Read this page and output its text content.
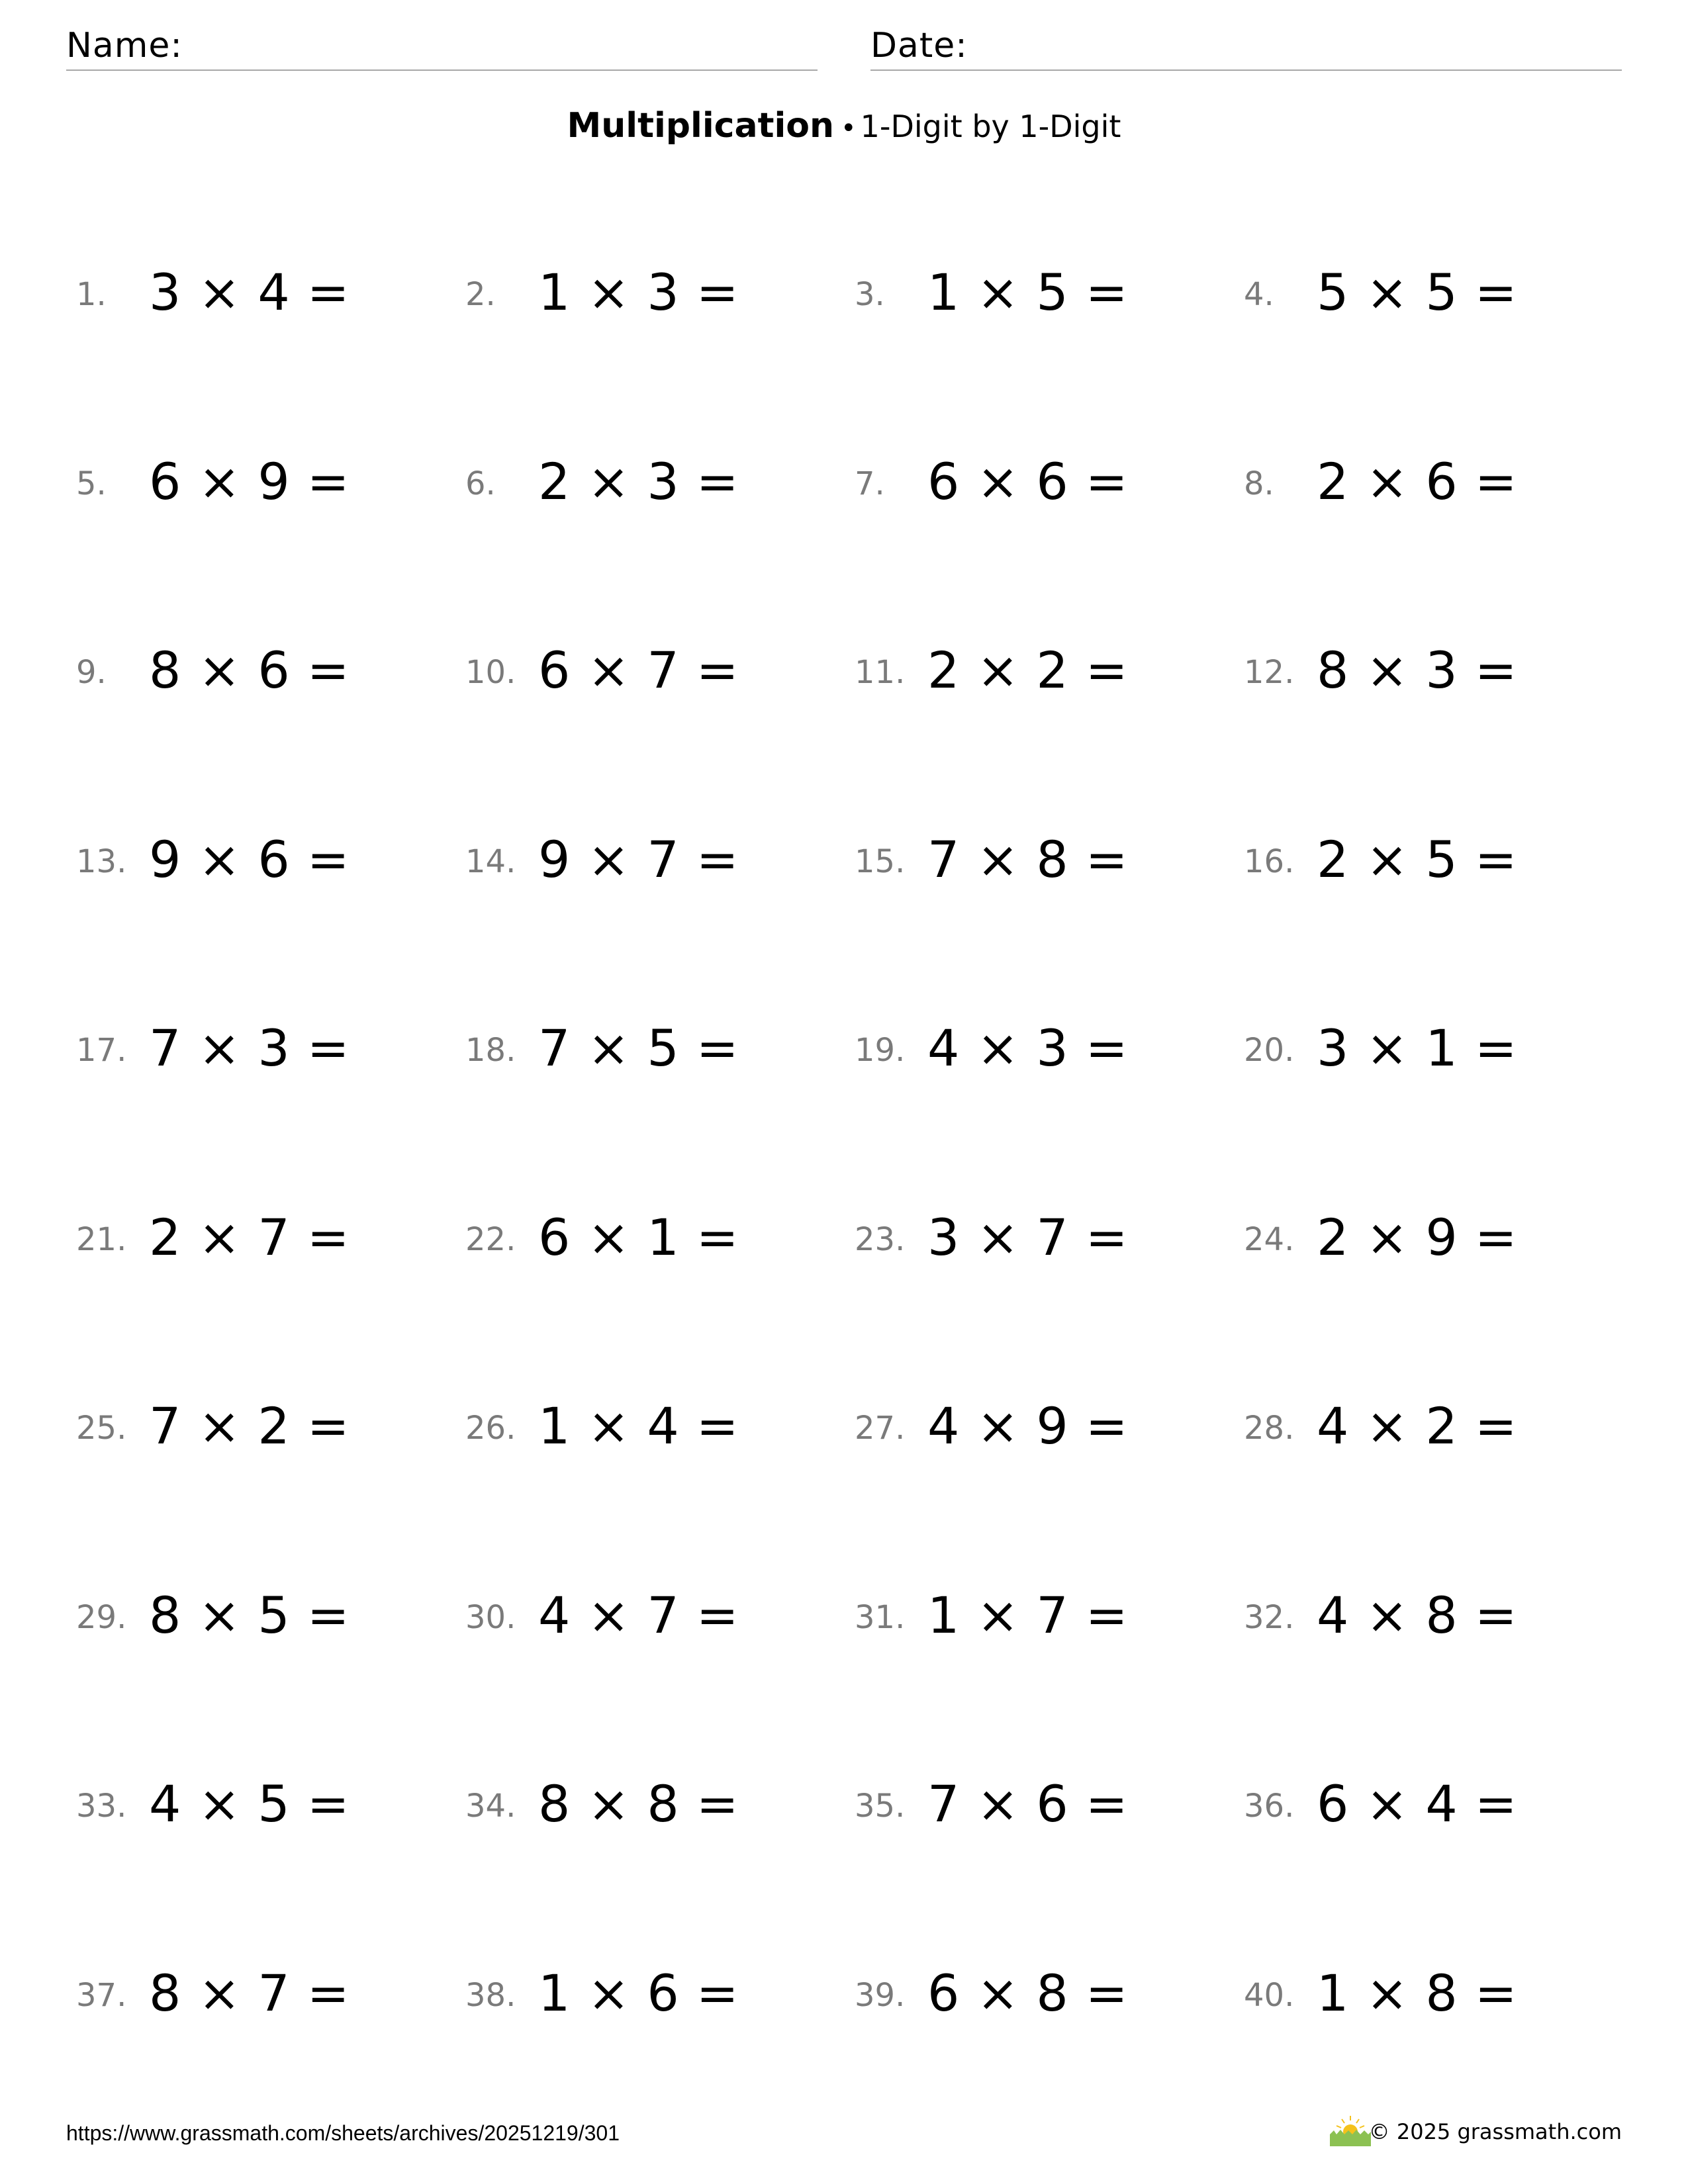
Name:	Date:
Multiplication • 1-Digit by 1-Digit
1. 3 × 4 =	2. 1 × 3 =	3. 1 × 5 =	4. 5 × 5 =
5. 6 × 9 =	6. 2 × 3 =	7. 6 × 6 =	8. 2 × 6 =
9. 8 × 6 =	10. 6 × 7 =	11. 2 × 2 =	12. 8 × 3 =
13. 9 × 6 =	14. 9 × 7 =	15. 7 × 8 =	16. 2 × 5 =
17. 7 × 3 =	18. 7 × 5 =	19. 4 × 3 =	20. 3 × 1 =
21. 2 × 7 =	22. 6 × 1 =	23. 3 × 7 =	24. 2 × 9 =
25. 7 × 2 =	26. 1 × 4 =	27. 4 × 9 =	28. 4 × 2 =
29. 8 × 5 =	30. 4 × 7 =	31. 1 × 7 =	32. 4 × 8 =
33. 4 × 5 =	34. 8 × 8 =	35. 7 × 6 =	36. 6 × 4 =
37. 8 × 7 =	38. 1 × 6 =	39. 6 × 8 =	40. 1 × 8 =
https://www.grassmath.com/sheets/archives/20251219/301	© 2025 grassmath.com
